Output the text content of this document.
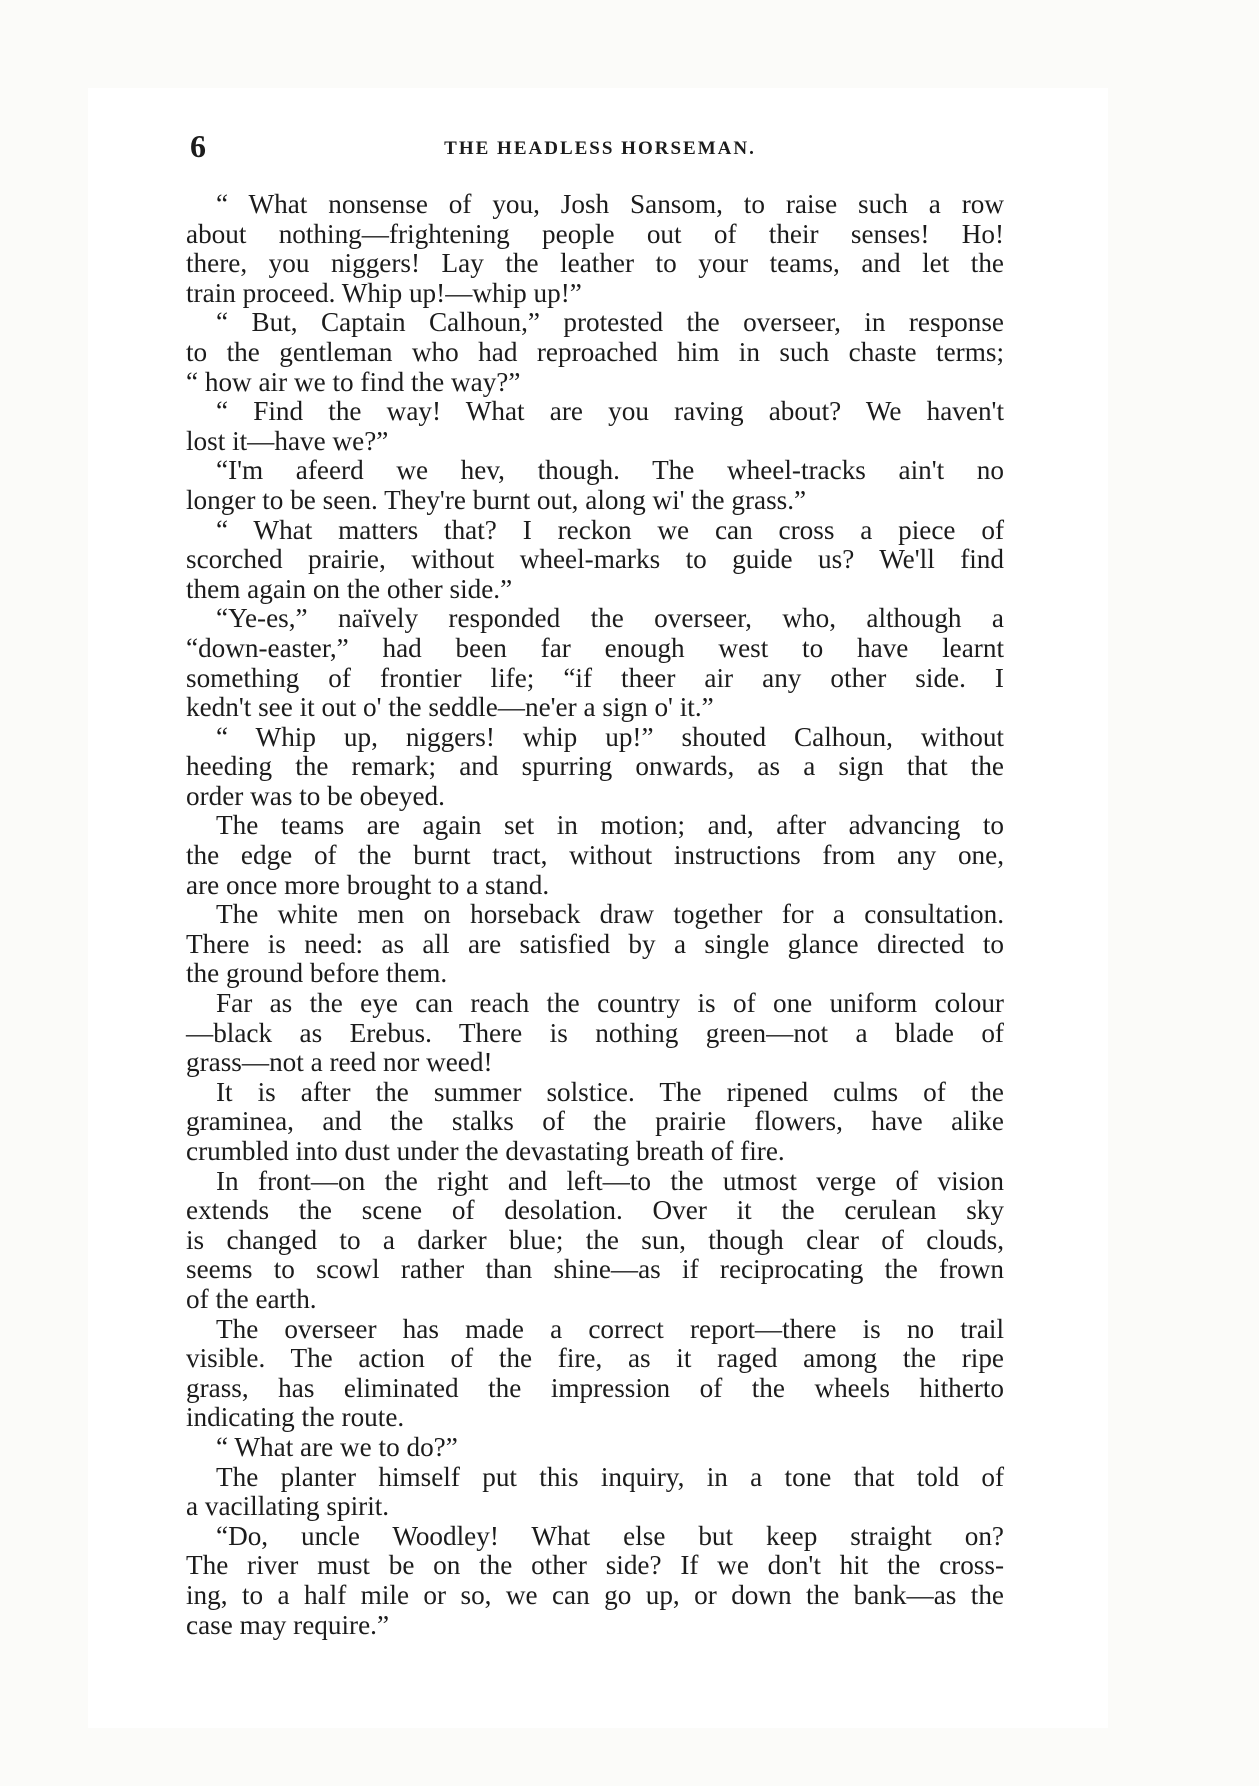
6	THE HEADLESS HORSEMAN.
“ What nonsense of you, Josh Sansom, to raise such a row
about nothing—frightening people out of their senses! Ho!
there, you niggers! Lay the leather to your teams, and let the
train proceed. Whip up!—whip up!”
“ But, Captain Calhoun,” protested the overseer, in response
to the gentleman who had reproached him in such chaste terms;
“ how air we to find the way?”
“ Find the way! What are you raving about? We haven't
lost it—have we?”
“I'm afeerd we hev, though. The wheel-tracks ain't no
longer to be seen. They're burnt out, along wi' the grass.”
“ What matters that? I reckon we can cross a piece of
scorched prairie, without wheel-marks to guide us? We'll find
them again on the other side.”
“Ye-es,” naïvely responded the overseer, who, although a
“down-easter,” had been far enough west to have learnt
something of frontier life; “if theer air any other side. I
kedn't see it out o' the seddle—ne'er a sign o' it.”
“ Whip up, niggers! whip up!” shouted Calhoun, without
heeding the remark; and spurring onwards, as a sign that the
order was to be obeyed.
The teams are again set in motion; and, after advancing to
the edge of the burnt tract, without instructions from any one,
are once more brought to a stand.
The white men on horseback draw together for a consultation.
There is need: as all are satisfied by a single glance directed to
the ground before them.
Far as the eye can reach the country is of one uniform colour
—black as Erebus. There is nothing green—not a blade of
grass—not a reed nor weed!
It is after the summer solstice. The ripened culms of the
graminea, and the stalks of the prairie flowers, have alike
crumbled into dust under the devastating breath of fire.
In front—on the right and left—to the utmost verge of vision
extends the scene of desolation. Over it the cerulean sky
is changed to a darker blue; the sun, though clear of clouds,
seems to scowl rather than shine—as if reciprocating the frown
of the earth.
The overseer has made a correct report—there is no trail
visible. The action of the fire, as it raged among the ripe
grass, has eliminated the impression of the wheels hitherto
indicating the route.
“ What are we to do?”
The planter himself put this inquiry, in a tone that told of
a vacillating spirit.
“Do, uncle Woodley! What else but keep straight on?
The river must be on the other side? If we don't hit the cross-
ing, to a half mile or so, we can go up, or down the bank—as the
case may require.”
